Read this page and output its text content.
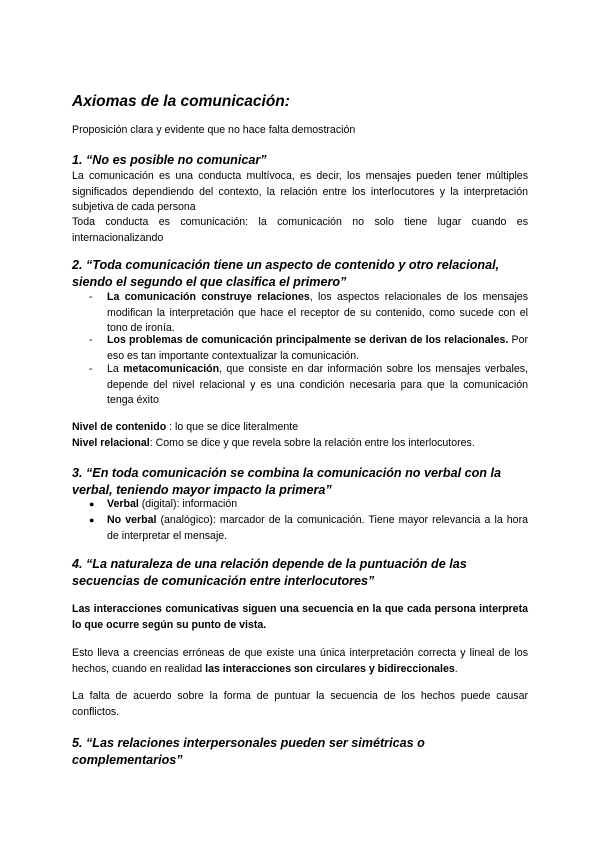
Axiomas de la comunicación:
Proposición clara y evidente que no hace falta demostración
1. “No es posible no comunicar”
La comunicación es una conducta multívoca, es decir, los mensajes pueden tener múltiples significados dependiendo del contexto, la relación entre los interlocutores y la interpretación subjetiva de cada persona
Toda conducta es comunicación: la comunicación no solo tiene lugar cuando es internacionalizando
2. “Toda comunicación tiene un aspecto de contenido y otro relacional, siendo el segundo el que clasifica el primero”
-	La comunicación construye relaciones, los aspectos relacionales de los mensajes modifican la interpretación que hace el receptor de su contenido, como sucede con el tono de ironía.
-	Los problemas de comunicación principalmente se derivan de los relacionales. Por eso es tan importante contextualizar la comunicación.
-	La metacomunicación, que consiste en dar información sobre los mensajes verbales, depende del nivel relacional y es una condición necesaria para que la comunicación tenga éxito
Nivel de contenido : lo que se dice literalmente
Nivel relacional: Como se dice y que revela sobre la relación entre los interlocutores.
3. “En toda comunicación se combina la comunicación no verbal con la verbal, teniendo mayor impacto la primera”
●	Verbal (digital): información
●	No verbal (analógico): marcador de la comunicación. Tiene mayor relevancia a la hora de interpretar el mensaje.
4. “La naturaleza de una relación depende de la puntuación de las secuencias de comunicación entre interlocutores”
Las interacciones comunicativas siguen una secuencia en la que cada persona interpreta lo que ocurre según su punto de vista.
Esto lleva a creencias erróneas de que existe una única interpretación correcta y lineal de los hechos, cuando en realidad las interacciones son circulares y bidireccionales.
La falta de acuerdo sobre la forma de puntuar la secuencia de los hechos puede causar conflictos.
5. “Las relaciones interpersonales pueden ser simétricas o complementarios”
